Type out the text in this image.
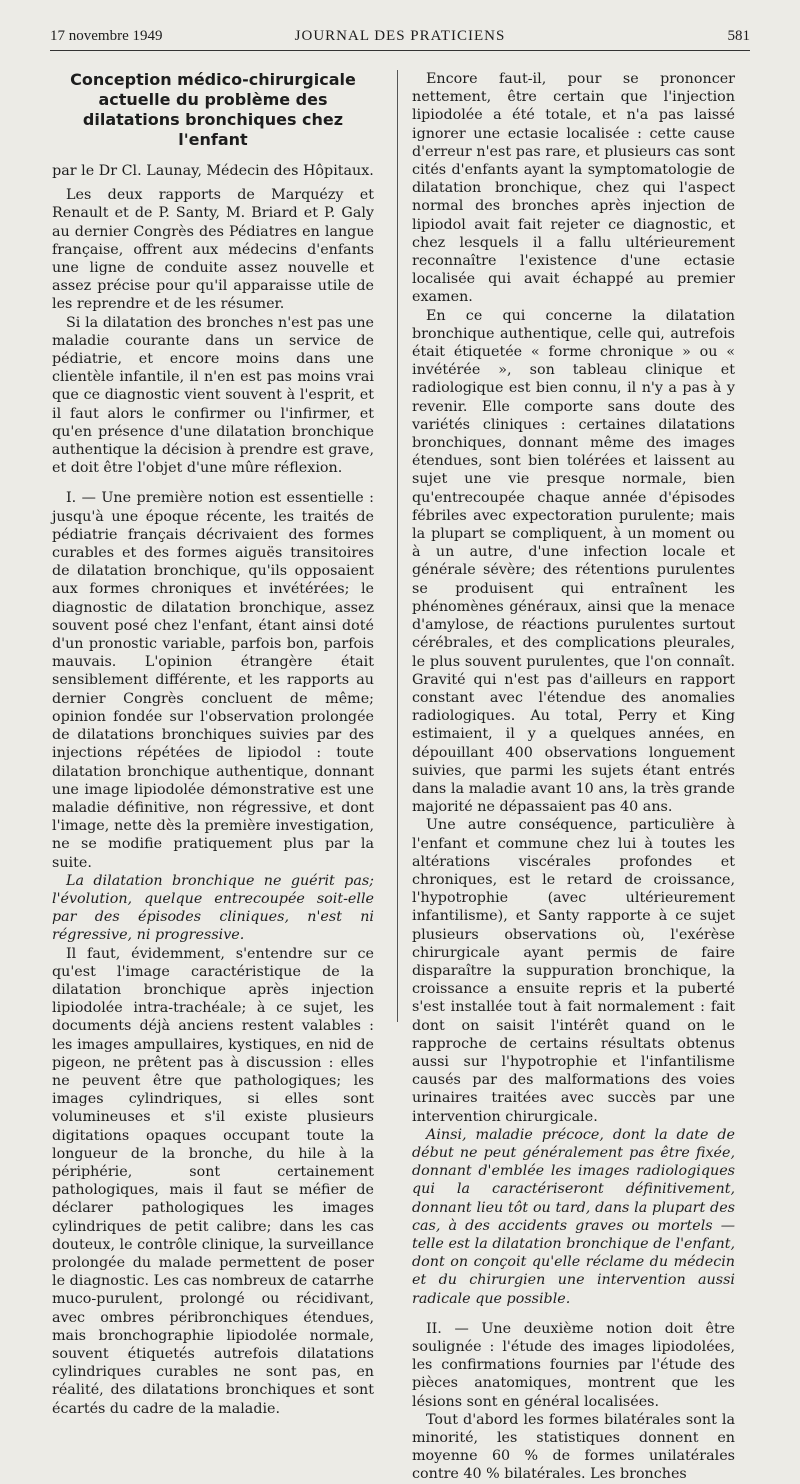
17 novembre 1949	JOURNAL DES PRATICIENS	581
Conception médico-chirurgicale actuelle du problème des dilatations bronchiques chez l'enfant
par le Dr Cl. Launay, Médecin des Hôpitaux.

Les deux rapports de Marquézy et Renault et de P. Santy, M. Briard et P. Galy au dernier Congrès des Pédiatres en langue française, offrent aux médecins d'enfants une ligne de conduite assez nouvelle et assez précise pour qu'il apparaisse utile de les reprendre et de les résumer.

Si la dilatation des bronches n'est pas une maladie courante dans un service de pédiatrie, et encore moins dans une clientèle infantile, il n'en est pas moins vrai que ce diagnostic vient souvent à l'esprit, et il faut alors le confirmer ou l'infirmer, et qu'en présence d'une dilatation bronchique authentique la décision à prendre est grave, et doit être l'objet d'une mûre réflexion.

I. — Une première notion est essentielle : jusqu'à une époque récente, les traités de pédiatrie français décrivaient des formes curables et des formes aiguës transitoires de dilatation bronchique, qu'ils opposaient aux formes chroniques et invétérées; le diagnostic de dilatation bronchique, assez souvent posé chez l'enfant, étant ainsi doté d'un pronostic variable, parfois bon, parfois mauvais. L'opinion étrangère était sensiblement différente, et les rapports au dernier Congrès concluent de même; opinion fondée sur l'observation prolongée de dilatations bronchiques suivies par des injections répétées de lipiodol : toute dilatation bronchique authentique, donnant une image lipiodolée démonstrative est une maladie définitive, non régressive, et dont l'image, nette dès la première investigation, ne se modifie pratiquement plus par la suite.

La dilatation bronchique ne guérit pas; l'évolution, quelque entrecoupée soit-elle par des épisodes cliniques, n'est ni régressive, ni progressive.

Il faut, évidemment, s'entendre sur ce qu'est l'image caractéristique de la dilatation bronchique après injection lipiodolée intra-trachéale; à ce sujet, les documents déjà anciens restent valables : les images ampullaires, kystiques, en nid de pigeon, ne prêtent pas à discussion : elles ne peuvent être que pathologiques; les images cylindriques, si elles sont volumineuses et s'il existe plusieurs digitations opaques occupant toute la longueur de la bronche, du hile à la périphérie, sont certainement pathologiques, mais il faut se méfier de déclarer pathologiques les images cylindriques de petit calibre; dans les cas douteux, le contrôle clinique, la surveillance prolongée du malade permettent de poser le diagnostic. Les cas nombreux de catarrhe muco-purulent, prolongé ou récidivant, avec ombres péribronchiques étendues, mais bronchographie lipiodolée normale, souvent étiquetés autrefois dilatations cylindriques curables ne sont pas, en réalité, des dilatations bronchiques et sont écartés du cadre de la maladie.

Encore faut-il, pour se prononcer nettement, être certain que l'injection lipiodolée a été totale, et n'a pas laissé ignorer une ectasie localisée : cette cause d'erreur n'est pas rare, et plusieurs cas sont cités d'enfants ayant la symptomatologie de dilatation bronchique, chez qui l'aspect normal des bronches après injection de lipiodol avait fait rejeter ce diagnostic, et chez lesquels il a fallu ultérieurement reconnaître l'existence d'une ectasie localisée qui avait échappé au premier examen.

En ce qui concerne la dilatation bronchique authentique, celle qui, autrefois était étiquetée « forme chronique » ou « invétérée », son tableau clinique et radiologique est bien connu, il n'y a pas à y revenir. Elle comporte sans doute des variétés cliniques : certaines dilatations bronchiques, donnant même des images étendues, sont bien tolérées et laissent au sujet une vie presque normale, bien qu'entrecoupée chaque année d'épisodes fébriles avec expectoration purulente; mais la plupart se compliquent, à un moment ou à un autre, d'une infection locale et générale sévère; des rétentions purulentes se produisent qui entraînent les phénomènes généraux, ainsi que la menace d'amylose, de réactions purulentes surtout cérébrales, et des complications pleurales, le plus souvent purulentes, que l'on connaît. Gravité qui n'est pas d'ailleurs en rapport constant avec l'étendue des anomalies radiologiques. Au total, Perry et King estimaient, il y a quelques années, en dépouillant 400 observations longuement suivies, que parmi les sujets étant entrés dans la maladie avant 10 ans, la très grande majorité ne dépassaient pas 40 ans.

Une autre conséquence, particulière à l'enfant et commune chez lui à toutes les altérations viscérales profondes et chroniques, est le retard de croissance, l'hypotrophie (avec ultérieurement infantilisme), et Santy rapporte à ce sujet plusieurs observations où, l'exérèse chirurgicale ayant permis de faire disparaître la suppuration bronchique, la croissance a ensuite repris et la puberté s'est installée tout à fait normalement : fait dont on saisit l'intérêt quand on le rapproche de certains résultats obtenus aussi sur l'hypotrophie et l'infantilisme causés par des malformations des voies urinaires traitées avec succès par une intervention chirurgicale.

Ainsi, maladie précoce, dont la date de début ne peut généralement pas être fixée, donnant d'emblée les images radiologiques qui la caractériseront définitivement, donnant lieu tôt ou tard, dans la plupart des cas, à des accidents graves ou mortels — telle est la dilatation bronchique de l'enfant, dont on conçoit qu'elle réclame du médecin et du chirurgien une intervention aussi radicale que possible.

II. — Une deuxième notion doit être soulignée : l'étude des images lipiodolées, les confirmations fournies par l'étude des pièces anatomiques, montrent que les lésions sont en général localisées.

Tout d'abord les formes bilatérales sont la minorité, les statistiques donnent en moyenne 60 % de formes unilatérales contre 40 % bilatérales. Les bronches
